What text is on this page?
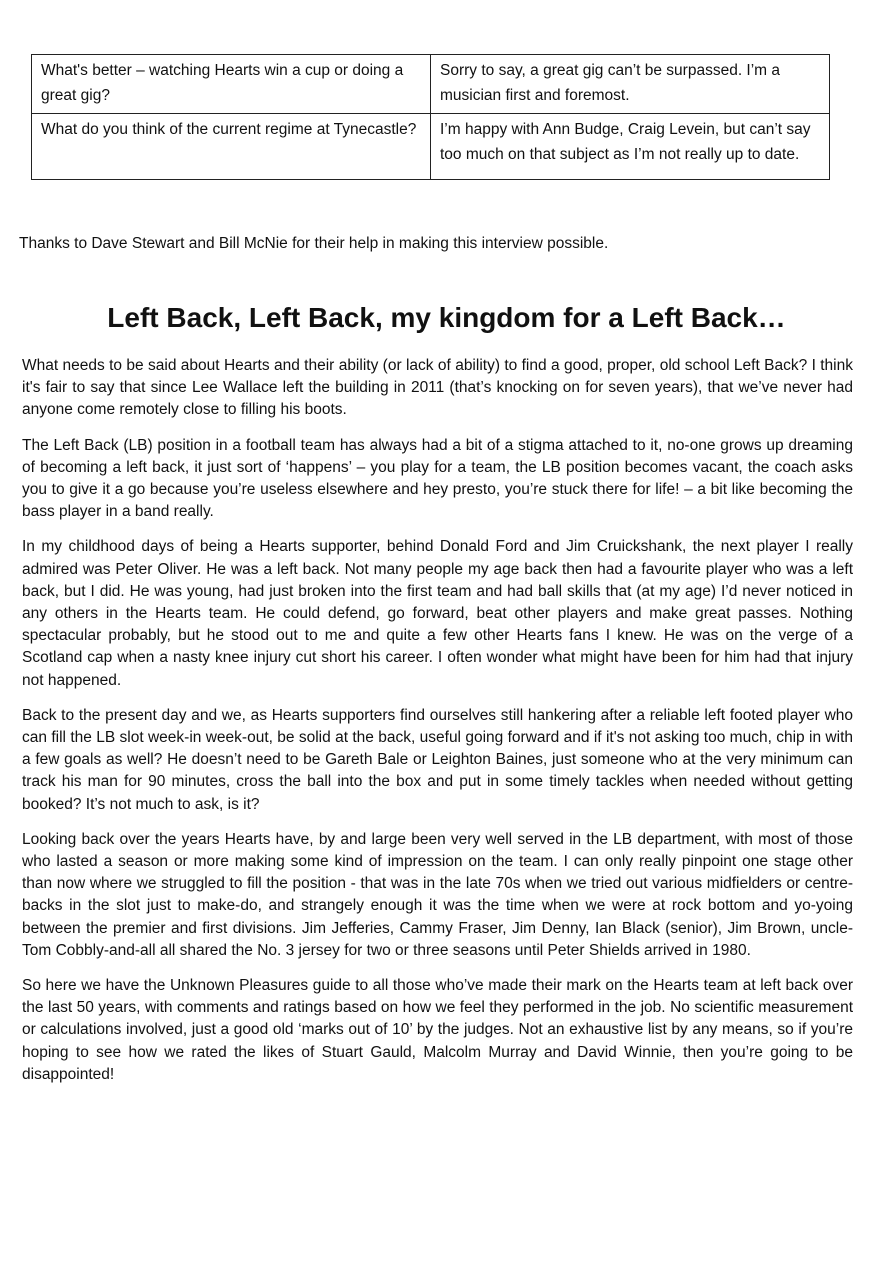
What's better – watching Hearts win a cup or doing a great gig?	Sorry to say, a great gig can’t be surpassed. I’m a musician first and foremost.
What do you think of the current regime at Tynecastle?	I’m happy with Ann Budge, Craig Levein, but can’t say too much on that subject as I’m not really up to date.
Thanks to Dave Stewart and Bill McNie for their help in making this interview possible.
Left Back, Left Back, my kingdom for a Left Back…

What needs to be said about Hearts and their ability (or lack of ability) to find a good, proper, old school Left Back? I think it's fair to say that since Lee Wallace left the building in 2011 (that’s knocking on for seven years), that we’ve never had anyone come remotely close to filling his boots.

The Left Back (LB) position in a football team has always had a bit of a stigma attached to it, no-one grows up dreaming of becoming a left back, it just sort of ‘happens’ – you play for a team, the LB position becomes vacant, the coach asks you to give it a go because you’re useless elsewhere and hey presto, you’re stuck there for life! – a bit like becoming the bass player in a band really.

In my childhood days of being a Hearts supporter, behind Donald Ford and Jim Cruickshank, the next player I really admired was Peter Oliver. He was a left back. Not many people my age back then had a favourite player who was a left back, but I did. He was young, had just broken into the first team and had ball skills that (at my age) I’d never noticed in any others in the Hearts team. He could defend, go forward, beat other players and make great passes. Nothing spectacular probably, but he stood out to me and quite a few other Hearts fans I knew. He was on the verge of a Scotland cap when a nasty knee injury cut short his career. I often wonder what might have been for him had that injury not happened.

Back to the present day and we, as Hearts supporters find ourselves still hankering after a reliable left footed player who can fill the LB slot week-in week-out, be solid at the back, useful going forward and if it's not asking too much, chip in with a few goals as well? He doesn’t need to be Gareth Bale or Leighton Baines, just someone who at the very minimum can track his man for 90 minutes, cross the ball into the box and put in some timely tackles when needed without getting booked? It’s not much to ask, is it?

Looking back over the years Hearts have, by and large been very well served in the LB department, with most of those who lasted a season or more making some kind of impression on the team. I can only really pinpoint one stage other than now where we struggled to fill the position - that was in the late 70s when we tried out various midfielders or centre-backs in the slot just to make-do, and strangely enough it was the time when we were at rock bottom and yo-yoing between the premier and first divisions. Jim Jefferies, Cammy Fraser, Jim Denny, Ian Black (senior), Jim Brown, uncle-Tom Cobbly-and-all all shared the No. 3 jersey for two or three seasons until Peter Shields arrived in 1980.

So here we have the Unknown Pleasures guide to all those who’ve made their mark on the Hearts team at left back over the last 50 years, with comments and ratings based on how we feel they performed in the job. No scientific measurement or calculations involved, just a good old ‘marks out of 10’ by the judges. Not an exhaustive list by any means, so if you’re hoping to see how we rated the likes of Stuart Gauld, Malcolm Murray and David Winnie, then you’re going to be disappointed!
